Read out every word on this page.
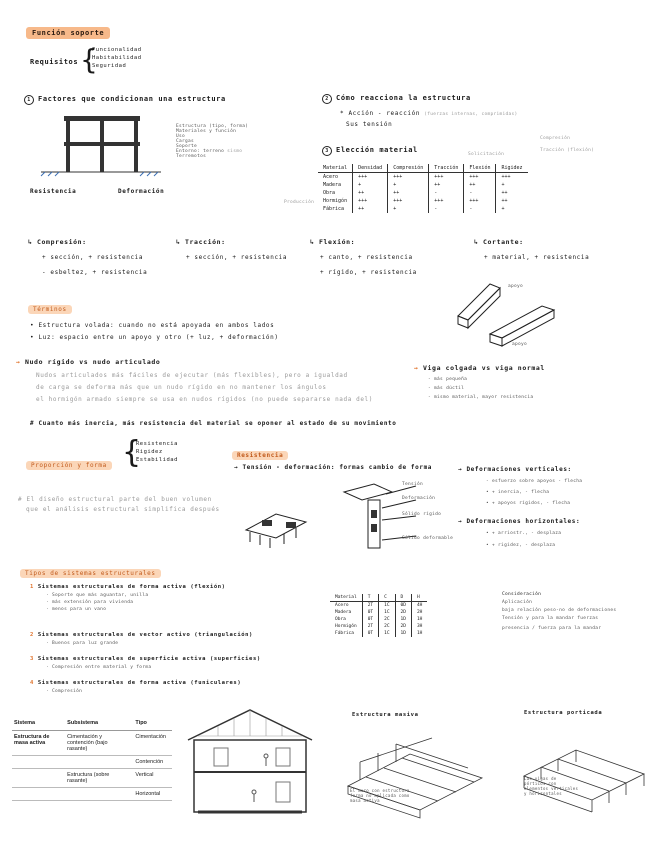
Función soporte
Requisitos {
Funcionalidad
Habitabilidad
Seguridad
1 Factores que condicionan una estructura
Estructura (tipo, forma)
Materiales y función
Uso
Cargas
Soporte
Entorno: terreno sismo
Terremotos
Resistencia	Deformación
2 Cómo reacciona la estructura
* Acción - reacción (fuerzas internas, comprimidas)
Sus tensión
Compresión
Tracción (flexión)
3 Elección material
Solicitación
Producción
Material	Densidad	Compresión	Tracción	Flexión	Rigidez
Acero	+++	+++	+++	+++	+++
Madera	+	+	++	++	+
Obra	++	++	-	-	++
Hormigón	+++	+++	+++	+++	++
Fábrica	++	+	-	-	+
↳ Compresión:
+ sección, + resistencia
- esbeltez, + resistencia
↳ Tracción:
+ sección, + resistencia
↳ Flexión:
+ canto, + resistencia
+ rígido, + resistencia
↳ Cortante:
+ material, + resistencia
apoyo
apoyo
Términos
• Estructura volada: cuando no está apoyada en ambos lados
• Luz: espacio entre un apoyo y otro (+ luz, + deformación)
→ Nudo rígido vs nudo articulado
Nudos articulados más fáciles de ejecutar (más flexibles), pero a igualdad
de carga se deforma más que un nudo rígido en no mantener los ángulos
el hormigón armado siempre se usa en nudos rígidos (no puede separarse nada del)
→ Viga colgada vs viga normal
- más pequeña
- más dúctil
- mismo material, mayor resistencia
# Cuanto más inercia, más resistencia del material se oponer al estado de su movimiento
Proporción y forma {
Resistencia
Rigidez
Estabilidad
# El diseño estructural parte del buen volumen
que el análisis estructural simplifica después
Resistencia
→ Tensión - deformación: formas cambio de forma
Tensión
Deformación
Sólido rígido
Sólido deformable
→ Deformaciones verticales:
- esfuerzo sobre apoyos - flecha
• + inercia, - flecha
• + apoyos rígidos, - flecha
→ Deformaciones horizontales:
• + arriostr., - desplaza
• + rigidez, - desplaza
Tipos de sistemas estructurales
1 Sistemas estructurales de forma activa (flexión)
· Soporte que más aguantar, unilla
· más extensión para vivienda
· menos para un vano
2 Sistemas estructurales de vector activo (triangulación)
· Buenos para luz grande
3 Sistemas estructurales de superficie activa (superficies)
· Compresión entre material y forma
4 Sistemas estructurales de forma activa (funiculares)
· Compresión
Material	T	C	D	H
Acero	2T	1C	0D	4H
Madera	0T	1C	2D	2H
Obra	0T	2C	1D	1H
Hormigón	2T	2C	2D	3H
Fábrica	0T	1C	1D	1H
Consideración
Aplicación
baja relación peso-no de deformaciones
Tensión y para la mandar fuerzas
presencia / fuerza para la mandar
Sistema	Subsistema	Tipo
Estructura de masa activa	Cimentación y contención (bajo rasante)	Cimentación
		Contención
	Estructura (sobre rasante)	Vertical
		Horizontal
Estructura masiva
El muro con estructura forma no aplicada como masa activa
Estructura porticada
Las vigas de pórticos con elementos verticales y horizontales
